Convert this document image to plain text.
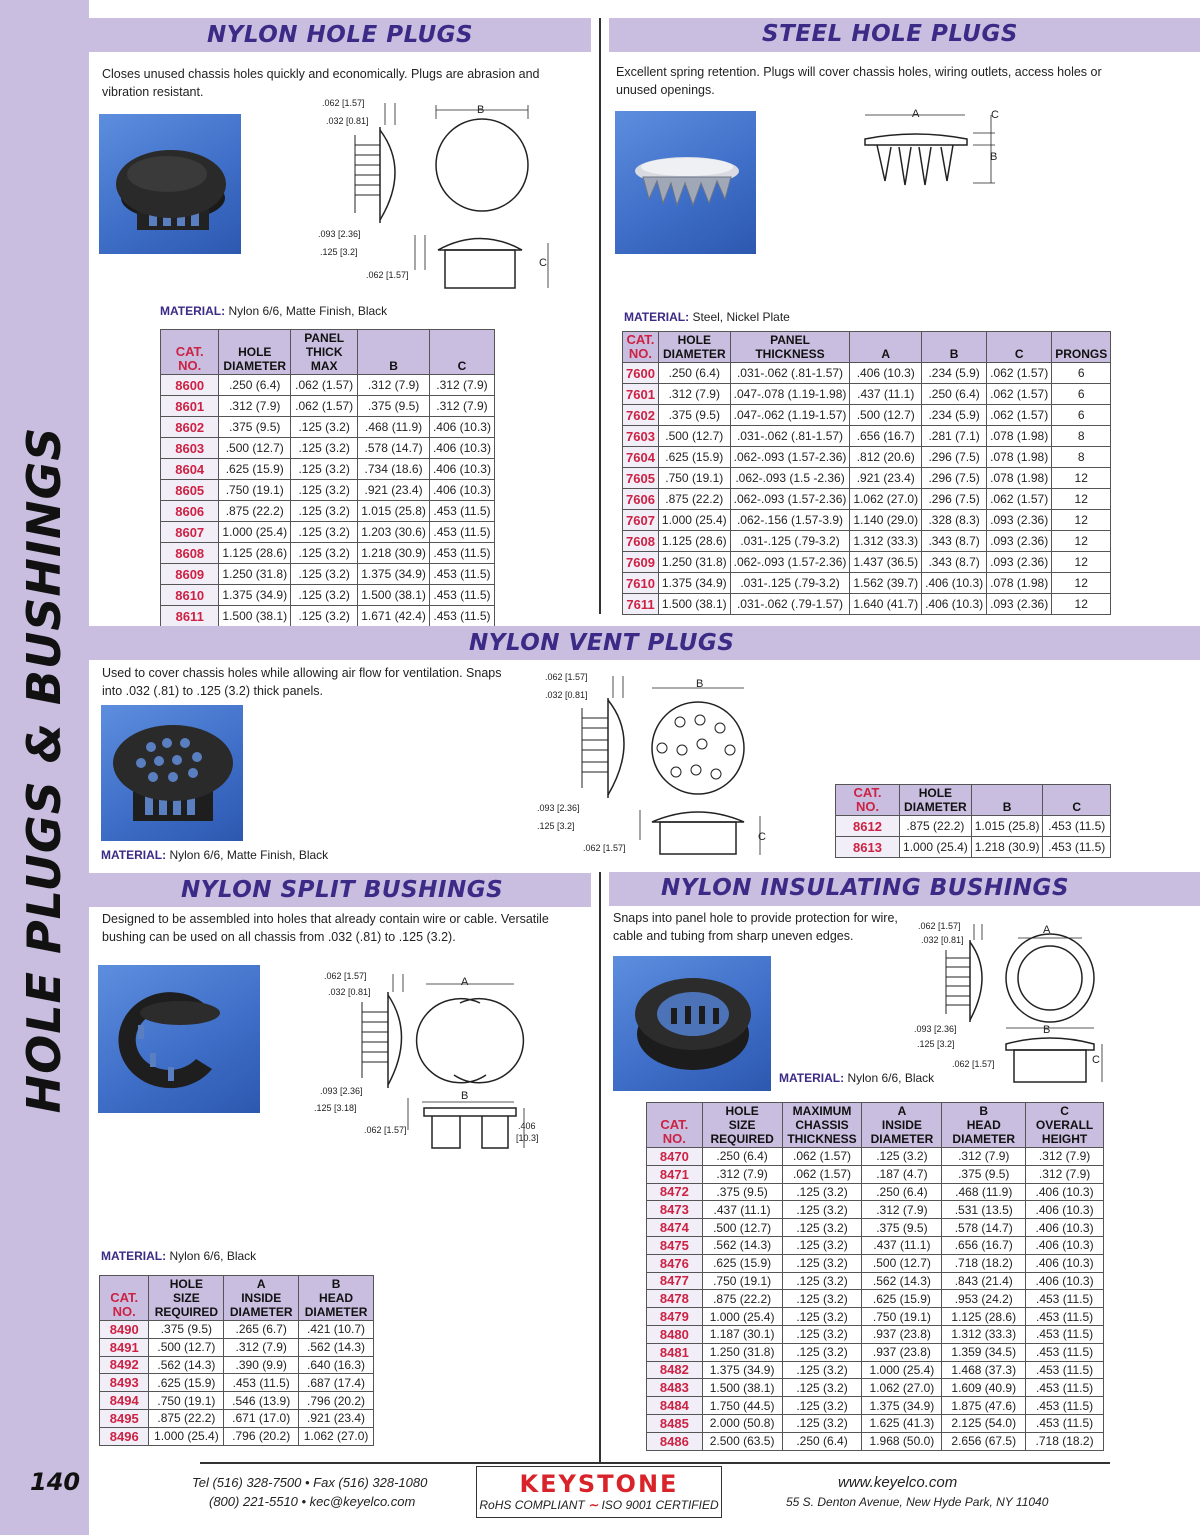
HOLE PLUGS & BUSHINGS
140
NYLON HOLE PLUGS
Closes unused chassis holes quickly and economically. Plugs are abrasion and vibration resistant.
.062 [1.57]
.032 [0.81]
B
.093 [2.36]
.125 [3.2]
C
.062 [1.57]
MATERIAL: Nylon 6/6, Matte Finish, Black
CAT.
NO.	HOLE
DIAMETER	PANEL
THICK MAX	B	C
8600	.250 (6.4)	.062 (1.57)	.312 (7.9)	.312 (7.9)
8601	.312 (7.9)	.062 (1.57)	.375 (9.5)	.312 (7.9)
8602	.375 (9.5)	.125 (3.2)	.468 (11.9)	.406 (10.3)
8603	.500 (12.7)	.125 (3.2)	.578 (14.7)	.406 (10.3)
8604	.625 (15.9)	.125 (3.2)	.734 (18.6)	.406 (10.3)
8605	.750 (19.1)	.125 (3.2)	.921 (23.4)	.406 (10.3)
8606	.875 (22.2)	.125 (3.2)	1.015 (25.8)	.453 (11.5)
8607	1.000 (25.4)	.125 (3.2)	1.203 (30.6)	.453 (11.5)
8608	1.125 (28.6)	.125 (3.2)	1.218 (30.9)	.453 (11.5)
8609	1.250 (31.8)	.125 (3.2)	1.375 (34.9)	.453 (11.5)
8610	1.375 (34.9)	.125 (3.2)	1.500 (38.1)	.453 (11.5)
8611	1.500 (38.1)	.125 (3.2)	1.671 (42.4)	.453 (11.5)
STEEL HOLE PLUGS
Excellent spring retention. Plugs will cover chassis holes, wiring outlets, access holes or unused openings.
A	C
B
MATERIAL: Steel, Nickel Plate
CAT.
NO.	HOLE
DIAMETER	PANEL
THICKNESS	A	B	C	PRONGS
7600	.250 (6.4)	.031-.062 (.81-1.57)	.406 (10.3)	.234 (5.9)	.062 (1.57)	6
7601	.312 (7.9)	.047-.078 (1.19-1.98)	.437 (11.1)	.250 (6.4)	.062 (1.57)	6
7602	.375 (9.5)	.047-.062 (1.19-1.57)	.500 (12.7)	.234 (5.9)	.062 (1.57)	6
7603	.500 (12.7)	.031-.062 (.81-1.57)	.656 (16.7)	.281 (7.1)	.078 (1.98)	8
7604	.625 (15.9)	.062-.093 (1.57-2.36)	.812 (20.6)	.296 (7.5)	.078 (1.98)	8
7605	.750 (19.1)	.062-.093 (1.5 -2.36)	.921 (23.4)	.296 (7.5)	.078 (1.98)	12
7606	.875 (22.2)	.062-.093 (1.57-2.36)	1.062 (27.0)	.296 (7.5)	.062 (1.57)	12
7607	1.000 (25.4)	.062-.156 (1.57-3.9)	1.140 (29.0)	.328 (8.3)	.093 (2.36)	12
7608	1.125 (28.6)	.031-.125 (.79-3.2)	1.312 (33.3)	.343 (8.7)	.093 (2.36)	12
7609	1.250 (31.8)	.062-.093 (1.57-2.36)	1.437 (36.5)	.343 (8.7)	.093 (2.36)	12
7610	1.375 (34.9)	.031-.125 (.79-3.2)	1.562 (39.7)	.406 (10.3)	.078 (1.98)	12
7611	1.500 (38.1)	.031-.062 (.79-1.57)	1.640 (41.7)	.406 (10.3)	.093 (2.36)	12
NYLON VENT PLUGS
Used to cover chassis holes while allowing air flow for ventilation. Snaps into .032 (.81) to .125 (3.2) thick panels.
.062 [1.57]
.032 [0.81]
B
.093 [2.36]
.125 [3.2]
C
.062 [1.57]
MATERIAL: Nylon 6/6, Matte Finish, Black
CAT.
NO.	HOLE
DIAMETER	B	C
8612	.875 (22.2)	1.015 (25.8)	.453 (11.5)
8613	1.000 (25.4)	1.218 (30.9)	.453 (11.5)
NYLON SPLIT BUSHINGS
Designed to be assembled into holes that already contain wire or cable. Versatile bushing can be used on all chassis from .032 (.81) to .125 (3.2).
.062 [1.57]
.032 [0.81]
A
.093 [2.36]	B
.125 [3.18]
.406
[10.3]
.062 [1.57]
MATERIAL: Nylon 6/6, Black
CAT.
NO.	HOLE
SIZE
REQUIRED	A
INSIDE
DIAMETER	B
HEAD
DIAMETER
8490	.375 (9.5)	.265 (6.7)	.421 (10.7)
8491	.500 (12.7)	.312 (7.9)	.562 (14.3)
8492	.562 (14.3)	.390 (9.9)	.640 (16.3)
8493	.625 (15.9)	.453 (11.5)	.687 (17.4)
8494	.750 (19.1)	.546 (13.9)	.796 (20.2)
8495	.875 (22.2)	.671 (17.0)	.921 (23.4)
8496	1.000 (25.4)	.796 (20.2)	1.062 (27.0)
NYLON INSULATING BUSHINGS
Snaps into panel hole to provide protection for wire, cable and tubing from sharp uneven edges.
.062 [1.57]
.032 [0.81]
A
B
.093 [2.36]
.125 [3.2]
.062 [1.57]	C
MATERIAL: Nylon 6/6, Black
CAT.
NO.	HOLE
SIZE
REQUIRED	MAXIMUM
CHASSIS
THICKNESS	A
INSIDE
DIAMETER	B
HEAD
DIAMETER	C
OVERALL
HEIGHT
8470	.250 (6.4)	.062 (1.57)	.125 (3.2)	.312 (7.9)	.312 (7.9)
8471	.312 (7.9)	.062 (1.57)	.187 (4.7)	.375 (9.5)	.312 (7.9)
8472	.375 (9.5)	.125 (3.2)	.250 (6.4)	.468 (11.9)	.406 (10.3)
8473	.437 (11.1)	.125 (3.2)	.312 (7.9)	.531 (13.5)	.406 (10.3)
8474	.500 (12.7)	.125 (3.2)	.375 (9.5)	.578 (14.7)	.406 (10.3)
8475	.562 (14.3)	.125 (3.2)	.437 (11.1)	.656 (16.7)	.406 (10.3)
8476	.625 (15.9)	.125 (3.2)	.500 (12.7)	.718 (18.2)	.406 (10.3)
8477	.750 (19.1)	.125 (3.2)	.562 (14.3)	.843 (21.4)	.406 (10.3)
8478	.875 (22.2)	.125 (3.2)	.625 (15.9)	.953 (24.2)	.453 (11.5)
8479	1.000 (25.4)	.125 (3.2)	.750 (19.1)	1.125 (28.6)	.453 (11.5)
8480	1.187 (30.1)	.125 (3.2)	.937 (23.8)	1.312 (33.3)	.453 (11.5)
8481	1.250 (31.8)	.125 (3.2)	.937 (23.8)	1.359 (34.5)	.453 (11.5)
8482	1.375 (34.9)	.125 (3.2)	1.000 (25.4)	1.468 (37.3)	.453 (11.5)
8483	1.500 (38.1)	.125 (3.2)	1.062 (27.0)	1.609 (40.9)	.453 (11.5)
8484	1.750 (44.5)	.125 (3.2)	1.375 (34.9)	1.875 (47.6)	.453 (11.5)
8485	2.000 (50.8)	.125 (3.2)	1.625 (41.3)	2.125 (54.0)	.453 (11.5)
8486	2.500 (63.5)	.250 (6.4)	1.968 (50.0)	2.656 (67.5)	.718 (18.2)
Tel (516) 328-7500 • Fax (516) 328-1080
(800) 221-5510 • kec@keyelco.com
KEYSTONE
RoHS COMPLIANT ∼ ISO 9001 CERTIFIED
www.keyelco.com
55 S. Denton Avenue, New Hyde Park, NY 11040
